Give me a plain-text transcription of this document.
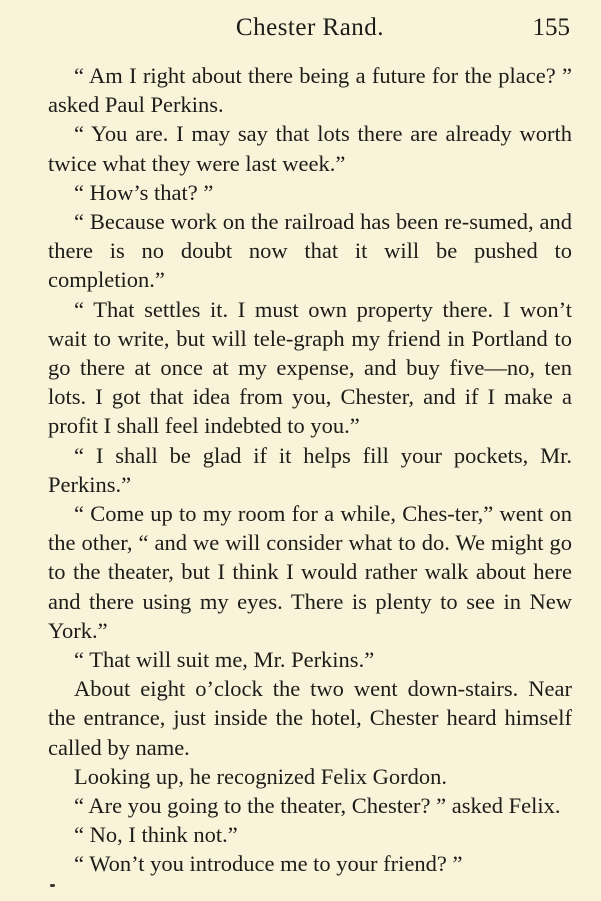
Chester Rand.	155

“ Am I right about there being a future for the place? ” asked Paul Perkins.

“ You are. I may say that lots there are already worth twice what they were last week.”

“ How’s that? ”

“ Because work on the railroad has been re-sumed, and there is no doubt now that it will be pushed to completion.”

“ That settles it. I must own property there. I won’t wait to write, but will tele-graph my friend in Portland to go there at once at my expense, and buy five—no, ten lots. I got that idea from you, Chester, and if I make a profit I shall feel indebted to you.”

“ I shall be glad if it helps fill your pockets, Mr. Perkins.”

“ Come up to my room for a while, Ches-ter,” went on the other, “ and we will consider what to do. We might go to the theater, but I think I would rather walk about here and there using my eyes. There is plenty to see in New York.”

“ That will suit me, Mr. Perkins.”

About eight o’clock the two went down-stairs. Near the entrance, just inside the hotel, Chester heard himself called by name.

Looking up, he recognized Felix Gordon.

“ Are you going to the theater, Chester? ” asked Felix.

“ No, I think not.”

“ Won’t you introduce me to your friend? ”
